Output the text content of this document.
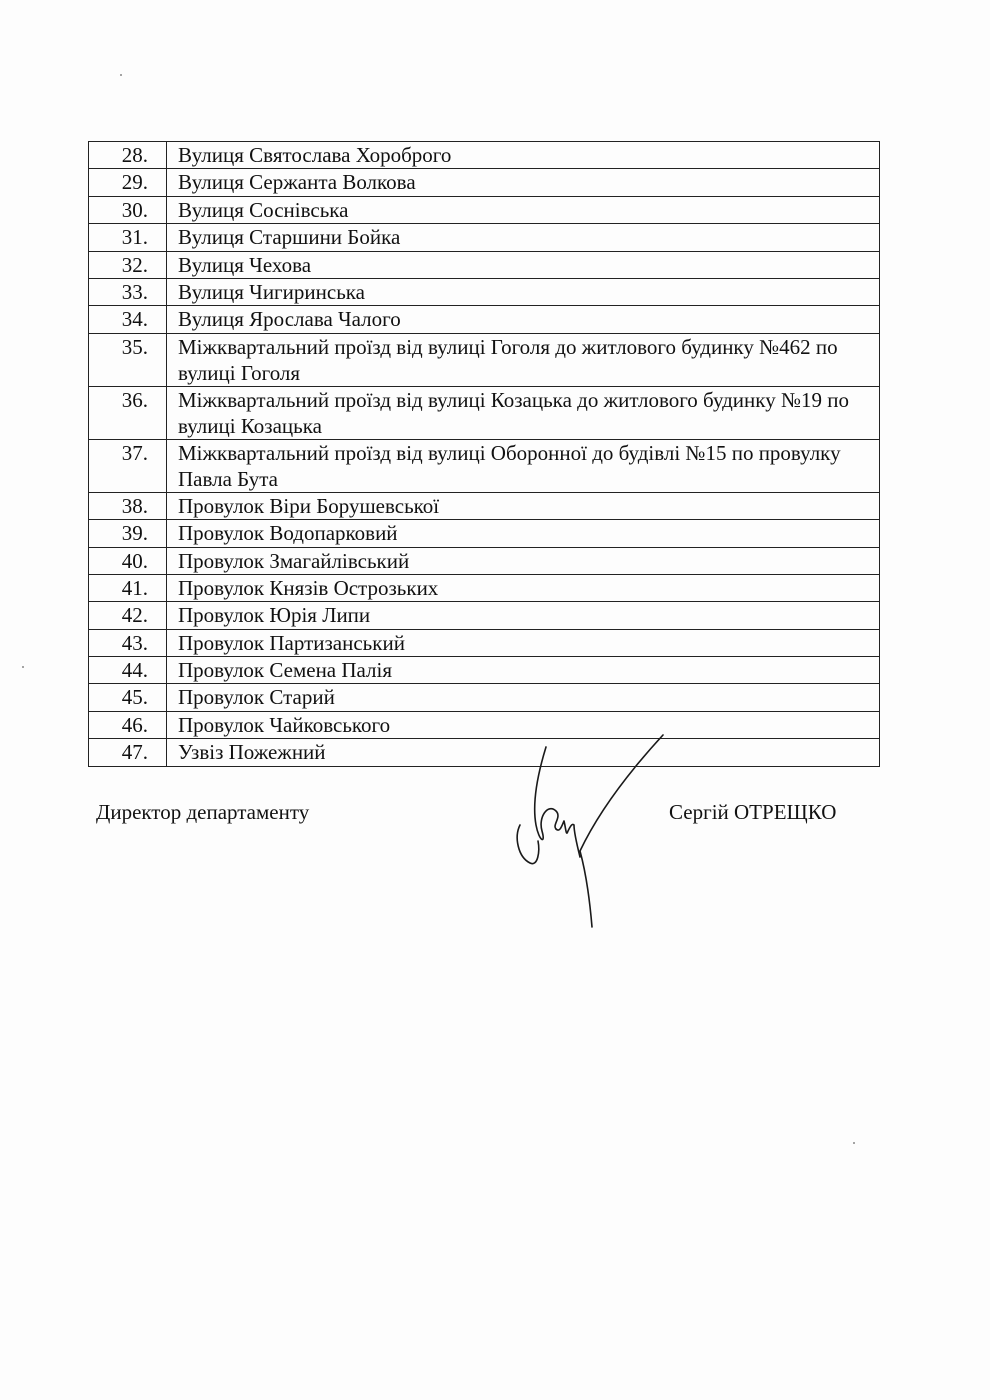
28.	Вулиця Святослава Хороброго
29.	Вулиця Сержанта Волкова
30.	Вулиця Соснівська
31.	Вулиця Старшини Бойка
32.	Вулиця Чехова
33.	Вулиця Чигиринська
34.	Вулиця Ярослава Чалого
35.	Міжквартальний проїзд від вулиці Гоголя до житлового будинку №462 по вулиці Гоголя
36.	Міжквартальний проїзд від вулиці Козацька до житлового будинку №19 по вулиці Козацька
37.	Міжквартальний проїзд від вулиці Оборонної до будівлі №15 по провулку Павла Бута
38.	Провулок Віри Борушевської
39.	Провулок Водопарковий
40.	Провулок Змагайлівський
41.	Провулок Князів Острозьких
42.	Провулок Юрія Липи
43.	Провулок Партизанський
44.	Провулок Семена Палія
45.	Провулок Старий
46.	Провулок Чайковського
47.	Узвіз Пожежний
Директор департаменту	Сергій ОТРЕЩКО
